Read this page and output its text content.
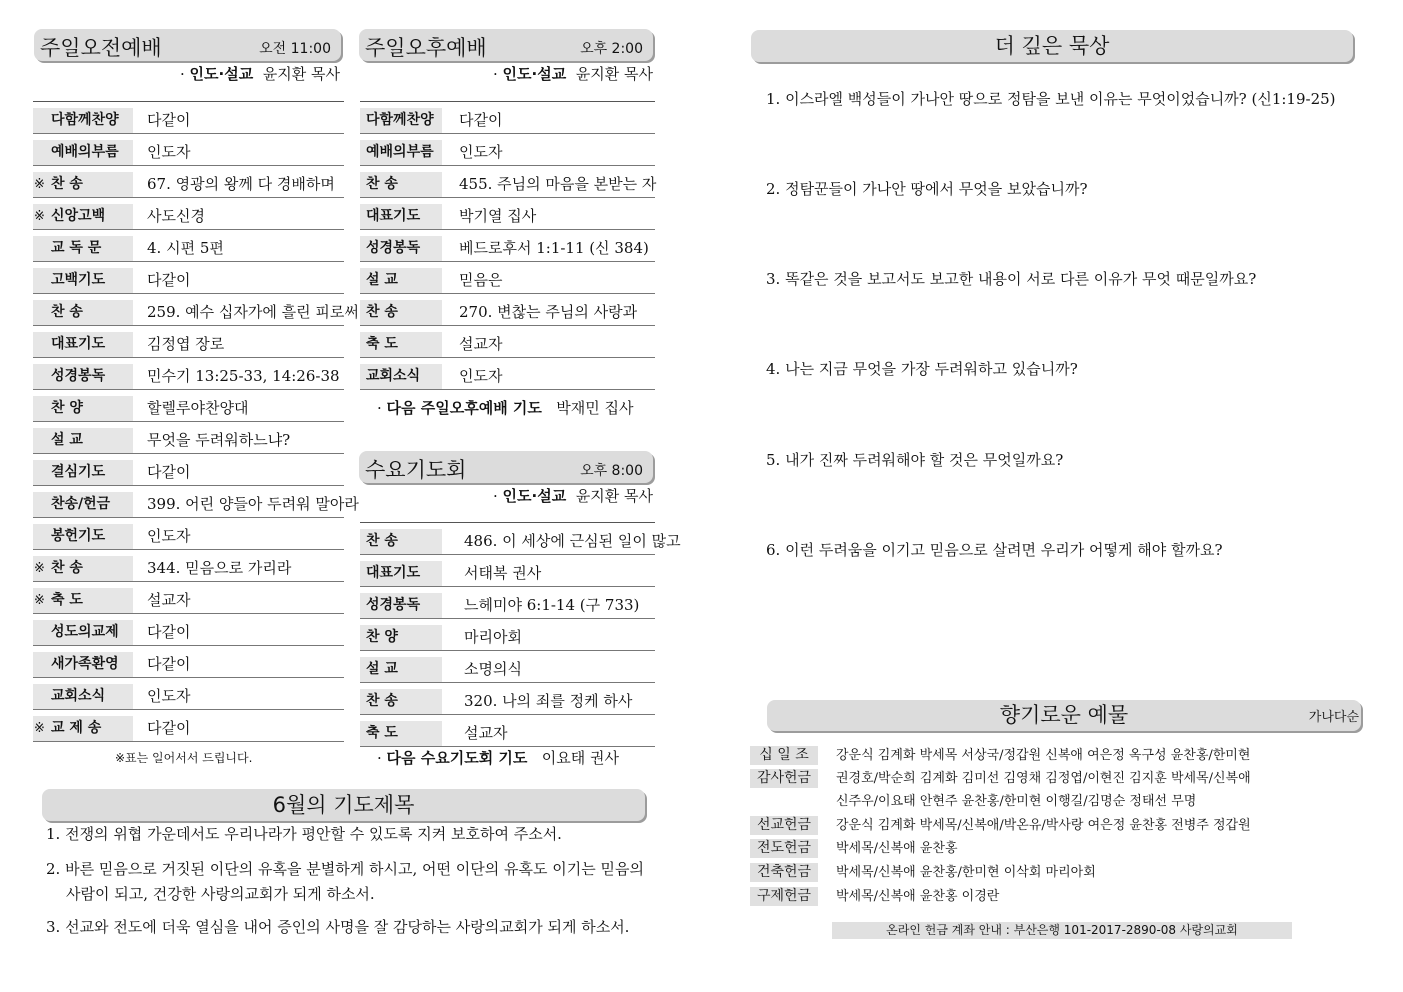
주일오전예배	오전 11:00
· 인도·설교 윤지환 목사
다함께찬양 다같이
예배의부름 인도자
※ 찬 송	67. 영광의 왕께 다 경배하며
※ 신앙고백	사도신경
교 독 문	4. 시편 5편
고백기도	다같이
찬 송	259. 예수 십자가에 흘린 피로써
대표기도	김정엽 장로
성경봉독	민수기 13:25-33, 14:26-38
찬 양	할렐루야찬양대
설 교	무엇을 두려워하느냐?
결심기도	다같이
찬송/헌금 399. 어린 양들아 두려워 말아라
봉헌기도	인도자
※ 찬 송	344. 믿음으로 가리라
※ 축 도	설교자
성도의교제 다같이
새가족환영 다같이
교회소식	인도자
※ 교 제 송	다같이
※표는 일어서서 드립니다.
주일오후예배	오후 2:00
· 인도·설교 윤지환 목사
다함께찬양 다같이
예배의부름 인도자
찬 송	455. 주님의 마음을 본받는 자
대표기도	박기열 집사
성경봉독	베드로후서 1:1-11 (신 384)
설 교	믿음은
찬 송	270. 변찮는 주님의 사랑과
축 도	설교자
교회소식	인도자
· 다음 주일오후예배 기도 박재민 집사
수요기도회	오후 8:00
· 인도·설교 윤지환 목사
찬 송	486. 이 세상에 근심된 일이 많고
대표기도	서태복 권사
성경봉독	느헤미야 6:1-14 (구 733)
찬 양	마리아회
설 교	소명의식
찬 송	320. 나의 죄를 정케 하사
축 도	설교자
· 다음 수요기도회 기도 이요태 권사
6월의 기도제목
1. 전쟁의 위협 가운데서도 우리나라가 평안할 수 있도록 지켜 보호하여 주소서.
2. 바른 믿음으로 거짓된 이단의 유혹을 분별하게 하시고, 어떤 이단의 유혹도 이기는 믿음의 사람이 되고, 건강한 사랑의교회가 되게 하소서.
3. 선교와 전도에 더욱 열심을 내어 증인의 사명을 잘 감당하는 사랑의교회가 되게 하소서.
더 깊은 묵상
1. 이스라엘 백성들이 가나안 땅으로 정탐을 보낸 이유는 무엇이었습니까? (신1:19-25)
2. 정탐꾼들이 가나안 땅에서 무엇을 보았습니까?
3. 똑같은 것을 보고서도 보고한 내용이 서로 다른 이유가 무엇 때문일까요?
4. 나는 지금 무엇을 가장 두려워하고 있습니까?
5. 내가 진짜 두려워해야 할 것은 무엇일까요?
6. 이런 두려움을 이기고 믿음으로 살려면 우리가 어떻게 해야 할까요?
향기로운 예물	가나다순
십 일 조	강운식 김계화 박세목 서상국/정갑원 신복애 여은정 옥구성 윤찬홍/한미현
감사헌금	권경호/박순희 김계화 김미선 김영채 김정엽/이현진 김지훈 박세목/신복애
신주우/이요태 안현주 윤찬홍/한미현 이행길/김명순 정태선 무명
선교헌금	강운식 김계화 박세목/신복애/박온유/박사랑 여은정 윤찬홍 전병주 정갑원
전도헌금	박세목/신복애 윤찬홍
건축헌금	박세목/신복애 윤찬홍/한미현 이삭회 마리아회
구제헌금	박세목/신복애 윤찬홍 이경란
온라인 헌금 계좌 안내 : 부산은행 101-2017-2890-08 사랑의교회
